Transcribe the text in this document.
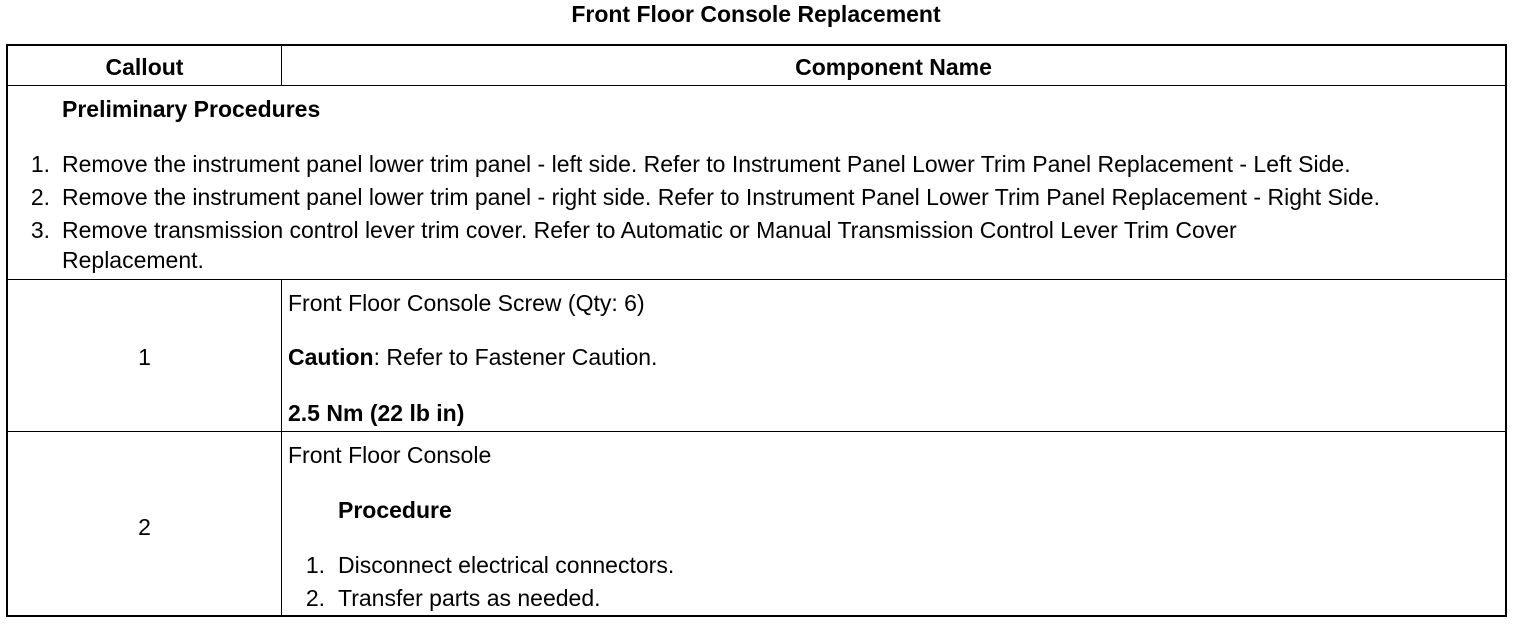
Front Floor Console Replacement
Callout	Component Name
Preliminary Procedures
1. Remove the instrument panel lower trim panel - left side. Refer to Instrument Panel Lower Trim Panel Replacement - Left Side.
2. Remove the instrument panel lower trim panel - right side. Refer to Instrument Panel Lower Trim Panel Replacement - Right Side.
3. Remove transmission control lever trim cover. Refer to Automatic or Manual Transmission Control Lever Trim Cover
Replacement.
1
Front Floor Console Screw (Qty: 6)
Caution: Refer to Fastener Caution.
2.5 Nm (22 lb in)
2
Front Floor Console
Procedure
1. Disconnect electrical connectors.
2. Transfer parts as needed.
